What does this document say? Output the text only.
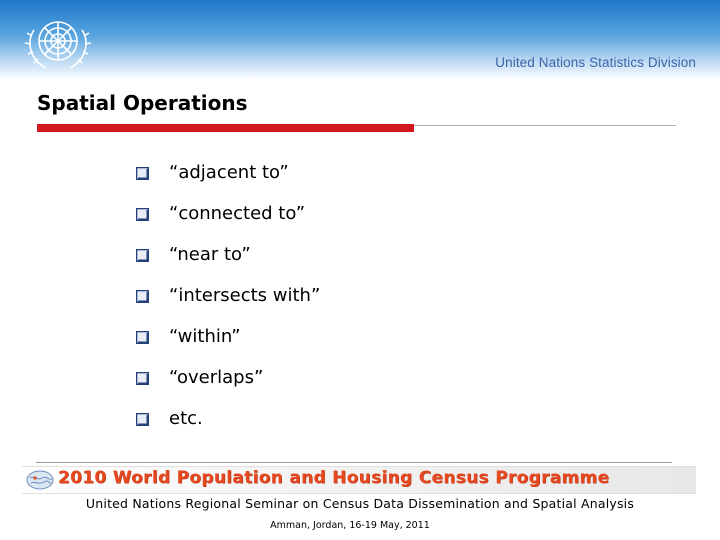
United Nations Statistics Division
Spatial Operations
“adjacent to”
“connected to”
“near to”
“intersects with”
“within”
“overlaps”
etc.
2010 World Population and Housing Census Programme
United Nations Regional Seminar on Census Data Dissemination and Spatial Analysis
Amman, Jordan, 16-19 May, 2011
